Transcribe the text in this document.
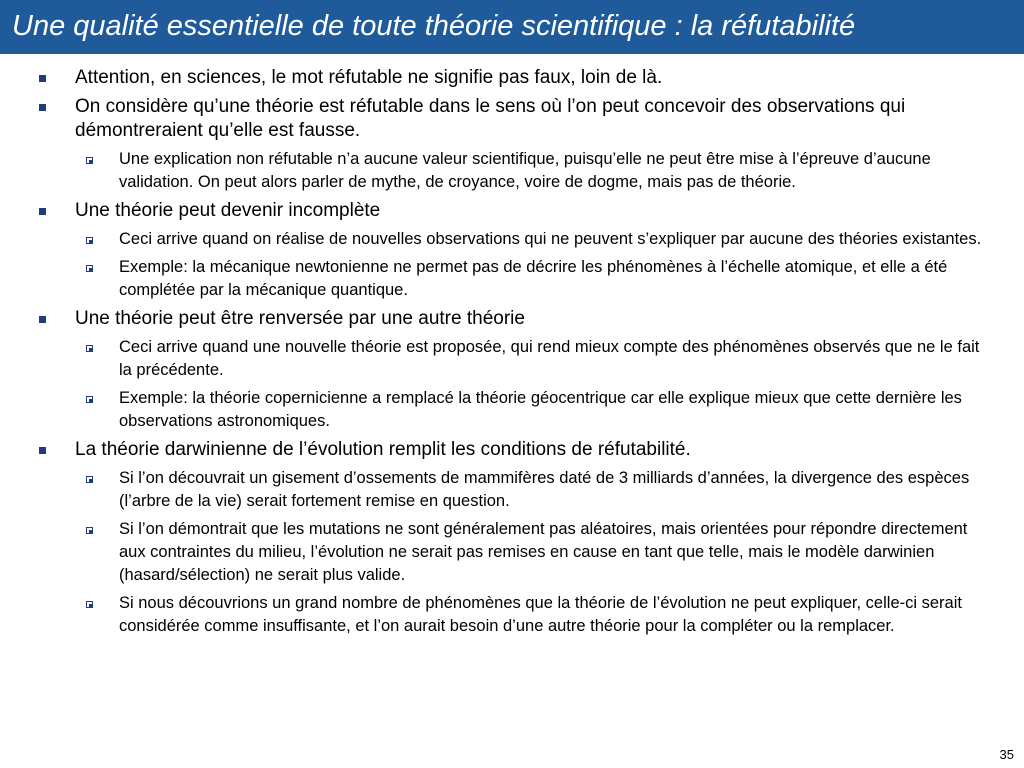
Une qualité essentielle de toute théorie scientifique : la réfutabilité
Attention, en sciences, le mot réfutable ne signifie pas faux, loin de là.
On considère qu’une théorie est réfutable dans le sens où l’on peut concevoir des observations qui démontreraient qu’elle est fausse.
Une explication non réfutable n’a aucune valeur scientifique, puisqu’elle ne peut être mise à l’épreuve d’aucune validation. On peut alors parler de mythe, de croyance, voire de dogme, mais pas de théorie.
Une théorie peut devenir incomplète
Ceci arrive quand on réalise de nouvelles observations qui ne peuvent s’expliquer par aucune des théories existantes.
Exemple: la mécanique newtonienne ne permet pas de décrire les phénomènes à l’échelle atomique, et elle a été complétée par la mécanique quantique.
Une théorie peut être renversée par une autre théorie
Ceci arrive quand une nouvelle théorie est proposée, qui rend mieux compte des phénomènes observés que ne le fait la précédente.
Exemple: la théorie copernicienne a remplacé la théorie géocentrique car elle explique mieux que cette dernière les observations astronomiques.
La théorie darwinienne de l’évolution remplit les conditions de réfutabilité.
Si l’on découvrait un gisement d’ossements de mammifères daté de 3 milliards d’années, la divergence des espèces (l’arbre de la vie) serait fortement remise en question.
Si l’on démontrait que les mutations ne sont généralement pas aléatoires, mais orientées pour répondre directement aux contraintes du milieu, l’évolution ne serait pas remises en cause en tant que telle, mais le modèle darwinien (hasard/sélection) ne serait plus valide.
Si nous découvrions un grand nombre de phénomènes que la théorie de l’évolution ne peut expliquer, celle-ci serait considérée comme insuffisante, et l’on aurait besoin d’une autre théorie pour la compléter ou la remplacer.
35
